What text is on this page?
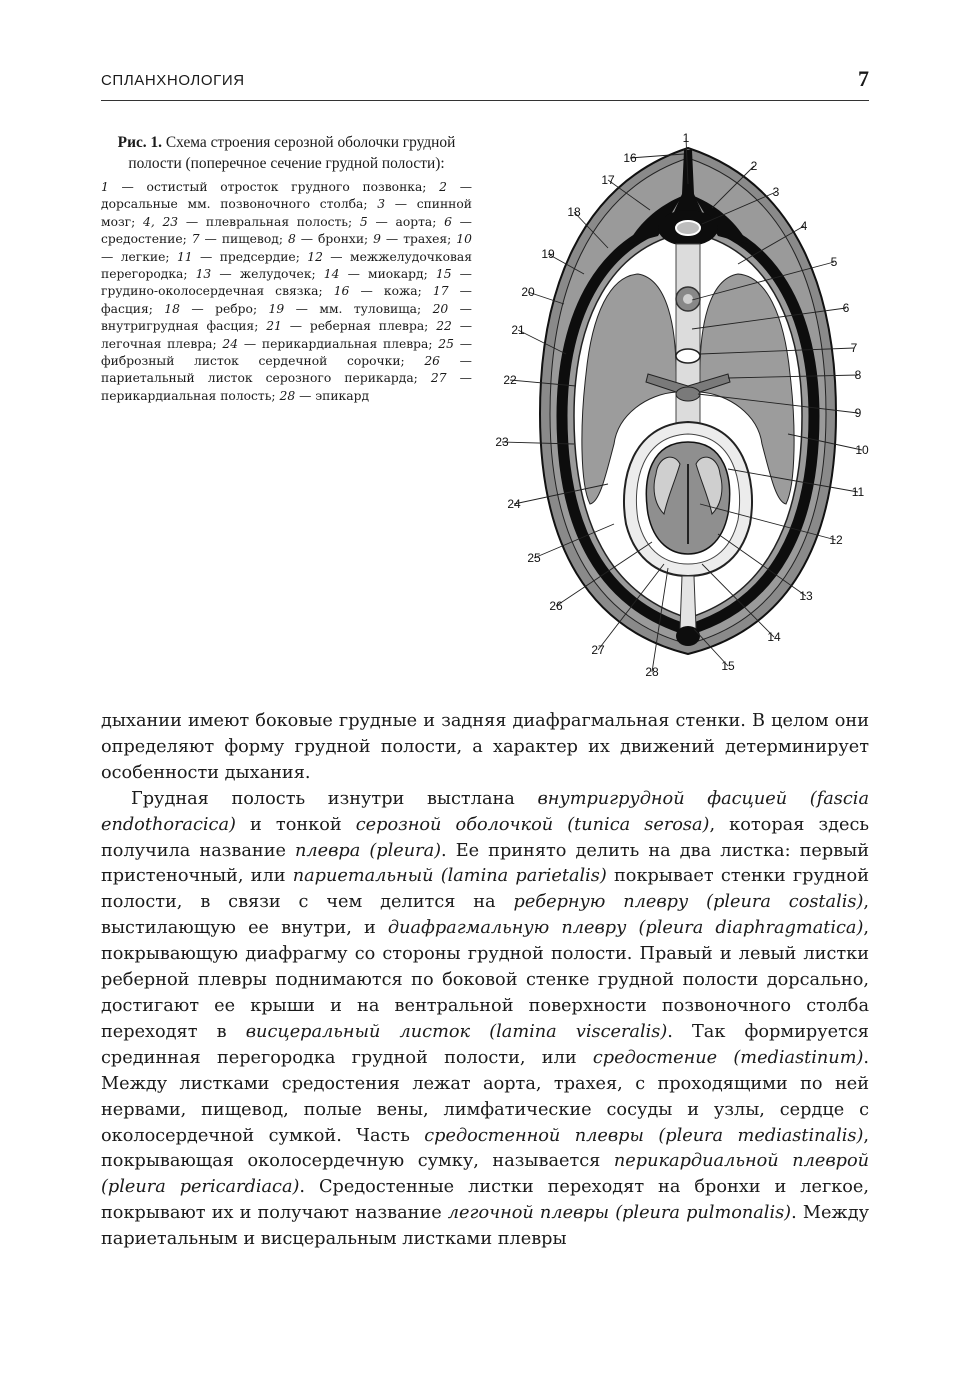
СПЛАНХНОЛОГИЯ	7
Рис. 1. Схема строения серозной оболочки грудной полости (поперечное сечение грудной полости):
1 — остистый отросток грудного позвонка; 2 — дорсальные мм. позвоночного столба; 3 — спинной мозг; 4, 23 — плевральная полость; 5 — аорта; 6 — средостение; 7 — пищевод; 8 — бронхи; 9 — трахея; 10 — легкие; 11 — предсердие; 12 — межжелудочковая перегородка; 13 — желудочек; 14 — миокард; 15 — грудино-околосердечная связка; 16 — кожа; 17 — фасция; 18 — ребро; 19 — мм. туловища; 20 — внутригрудная фасция; 21 — реберная плевра; 22 — легочная плевра; 24 — перикардиальная плевра; 25 — фиброзный листок сердечной сорочки; 26 — париетальный листок серозного перикарда; 27 — перикардиальная полость; 28 — эпикард
1
2
3
4
5
6
7
8
9
10
11
12
13
14
15
16
17
18
19
20
21
22
23
24
25
26
27
28

дыхании имеют боковые грудные и задняя диафрагмальная стенки. В целом они определяют форму грудной полости, а характер их движений детерминирует особенности дыхания.

Грудная полость изнутри выстлана внутригрудной фасцией (fascia endothoracica) и тонкой серозной оболочкой (tunica serosa), которая здесь получила название плевра (pleura). Ее принято делить на два листка: первый пристеночный, или париетальный (lamina parietalis) покрывает стенки грудной полости, в связи с чем делится на реберную плевру (pleura costalis), выстилающую ее внутри, и диафрагмальную плевру (pleura diaphragmatica), покрывающую диафрагму со стороны грудной полости. Правый и левый листки реберной плевры поднимаются по боковой стенке грудной полости дорсально, достигают ее крыши и на вентральной поверхности позвоночного столба переходят в висцеральный листок (lamina visceralis). Так формируется срединная перегородка грудной полости, или средостение (mediastinum). Между листками средостения лежат аорта, трахея, с проходящими по ней нервами, пищевод, полые вены, лимфатические сосуды и узлы, сердце с околосердечной сумкой. Часть средостенной плевры (pleura mediastinalis), покрывающая околосердечную сумку, называется перикардиальной плеврой (pleura pericardiaca). Средостенные листки переходят на бронхи и легкое, покрывают их и получают название легочной плевры (pleura pulmonalis). Между париетальным и висцеральным листками плевры
